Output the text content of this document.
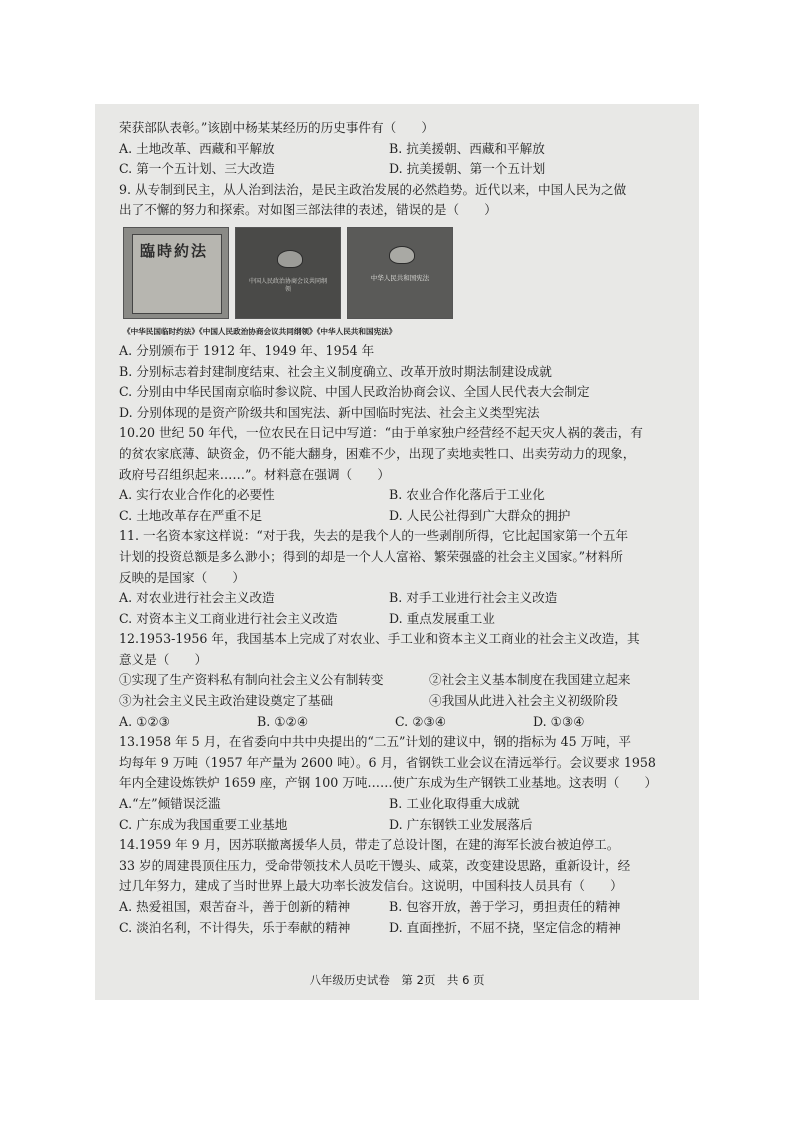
荣获部队表彰。”该剧中杨某某经历的历史事件有（　　）
A. 土地改革、西藏和平解放	B. 抗美援朝、西藏和平解放
C. 第一个五计划、三大改造	D. 抗美援朝、第一个五计划
9. 从专制到民主，从人治到法治，是民主政治发展的必然趋势。近代以来，中国人民为之做
出了不懈的努力和探索。对如图三部法律的表述，错误的是（　　）
臨時約法
中国人民政治协商会议共同纲领
中华人民共和国宪法
《中华民国临时约法》《中国人民政治协商会议共同纲领》《中华人民共和国宪法》
A. 分别颁布于 1912 年、1949 年、1954 年
B. 分别标志着封建制度结束、社会主义制度确立、改革开放时期法制建设成就
C. 分别由中华民国南京临时参议院、中国人民政治协商会议、全国人民代表大会制定
D. 分别体现的是资产阶级共和国宪法、新中国临时宪法、社会主义类型宪法
10.20 世纪 50 年代，一位农民在日记中写道：“由于单家独户经营经不起天灾人祸的袭击，有
的贫农家底薄、缺资金，仍不能大翻身，困难不少，出现了卖地卖牲口、出卖劳动力的现象，
政府号召组织起来……”。材料意在强调（　　）
A. 实行农业合作化的必要性	B. 农业合作化落后于工业化
C. 土地改革存在严重不足	D. 人民公社得到广大群众的拥护
11. 一名资本家这样说：“对于我，失去的是我个人的一些剥削所得，它比起国家第一个五年
计划的投资总额是多么渺小；得到的却是一个人人富裕、繁荣强盛的社会主义国家。”材料所
反映的是国家（　　）
A. 对农业进行社会主义改造	B. 对手工业进行社会主义改造
C. 对资本主义工商业进行社会主义改造	D. 重点发展重工业
12.1953-1956 年，我国基本上完成了对农业、手工业和资本主义工商业的社会主义改造，其
意义是（　　）
①实现了生产资料私有制向社会主义公有制转变	②社会主义基本制度在我国建立起来
③为社会主义民主政治建设奠定了基础	④我国从此进入社会主义初级阶段
A. ①②③	B. ①②④	C. ②③④	D. ①③④
13.1958 年 5 月，在省委向中共中央提出的“二五”计划的建议中，钢的指标为 45 万吨，平
均每年 9 万吨（1957 年产量为 2600 吨）。6 月，省钢铁工业会议在清远举行。会议要求 1958
年内全建设炼铁炉 1659 座，产钢 100 万吨……使广东成为生产钢铁工业基地。这表明（　　）
A.“左”倾错误泛滥	B. 工业化取得重大成就
C. 广东成为我国重要工业基地	D. 广东钢铁工业发展落后
14.1959 年 9 月，因苏联撤离援华人员，带走了总设计图，在建的海军长波台被迫停工。
33 岁的周建畏顶住压力，受命带领技术人员吃干馒头、咸菜，改变建设思路，重新设计，经
过几年努力，建成了当时世界上最大功率长波发信台。这说明，中国科技人员具有（　　）
A. 热爱祖国，艰苦奋斗，善于创新的精神	B. 包容开放，善于学习，勇担责任的精神
C. 淡泊名利，不计得失，乐于奉献的精神	D. 直面挫折，不屈不挠，坚定信念的精神
八年级历史试卷　第 2页　共 6 页
